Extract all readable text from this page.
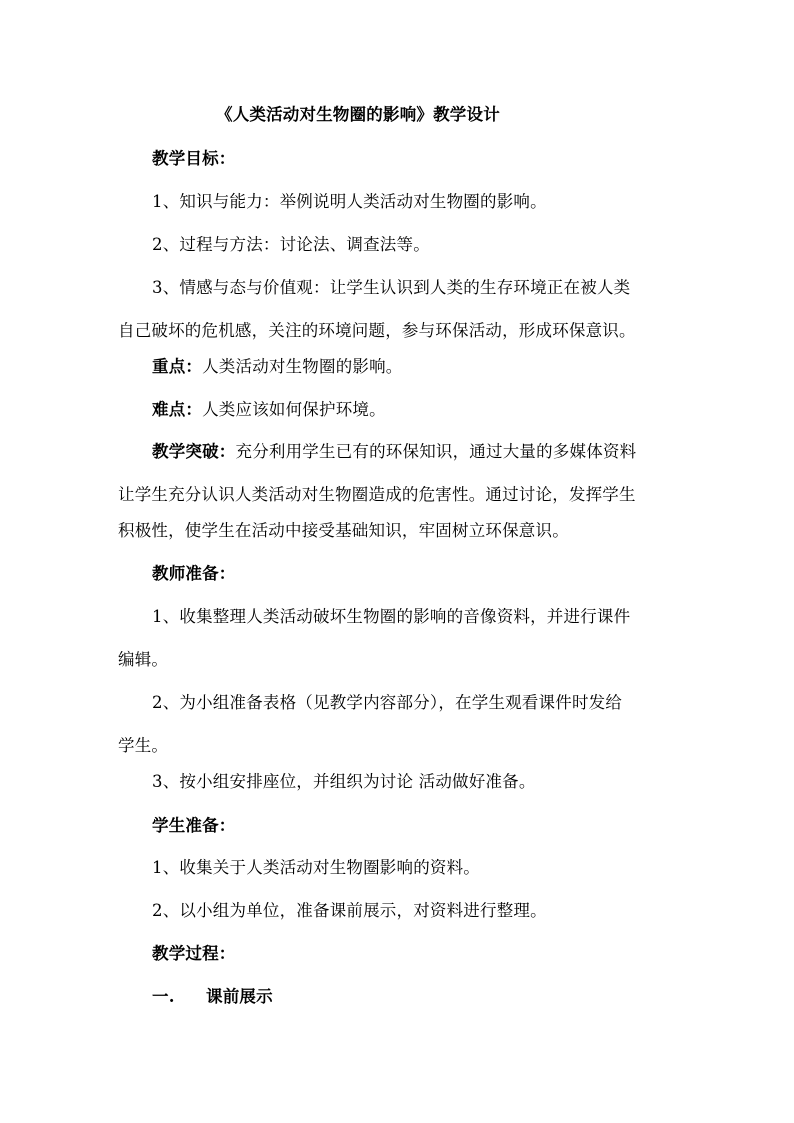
《人类活动对生物圈的影响》教学设计
教学目标：
1、知识与能力：举例说明人类活动对生物圈的影响。
2、过程与方法：讨论法、调查法等。
3、情感与态与价值观：让学生认识到人类的生存环境正在被人类
自己破坏的危机感，关注的环境问题，参与环保活动，形成环保意识。
重点：人类活动对生物圈的影响。
难点：人类应该如何保护环境。
教学突破：充分利用学生已有的环保知识，通过大量的多媒体资料
让学生充分认识人类活动对生物圈造成的危害性。通过讨论，发挥学生
积极性，使学生在活动中接受基础知识，牢固树立环保意识。
教师准备：
1、收集整理人类活动破坏生物圈的影响的音像资料，并进行课件
编辑。
2、为小组准备表格（见教学内容部分），在学生观看课件时发给
学生。
3、按小组安排座位，并组织为讨论 活动做好准备。
学生准备：
1、收集关于人类活动对生物圈影响的资料。
2、以小组为单位，准备课前展示，对资料进行整理。
教学过程：
一. 课前展示
